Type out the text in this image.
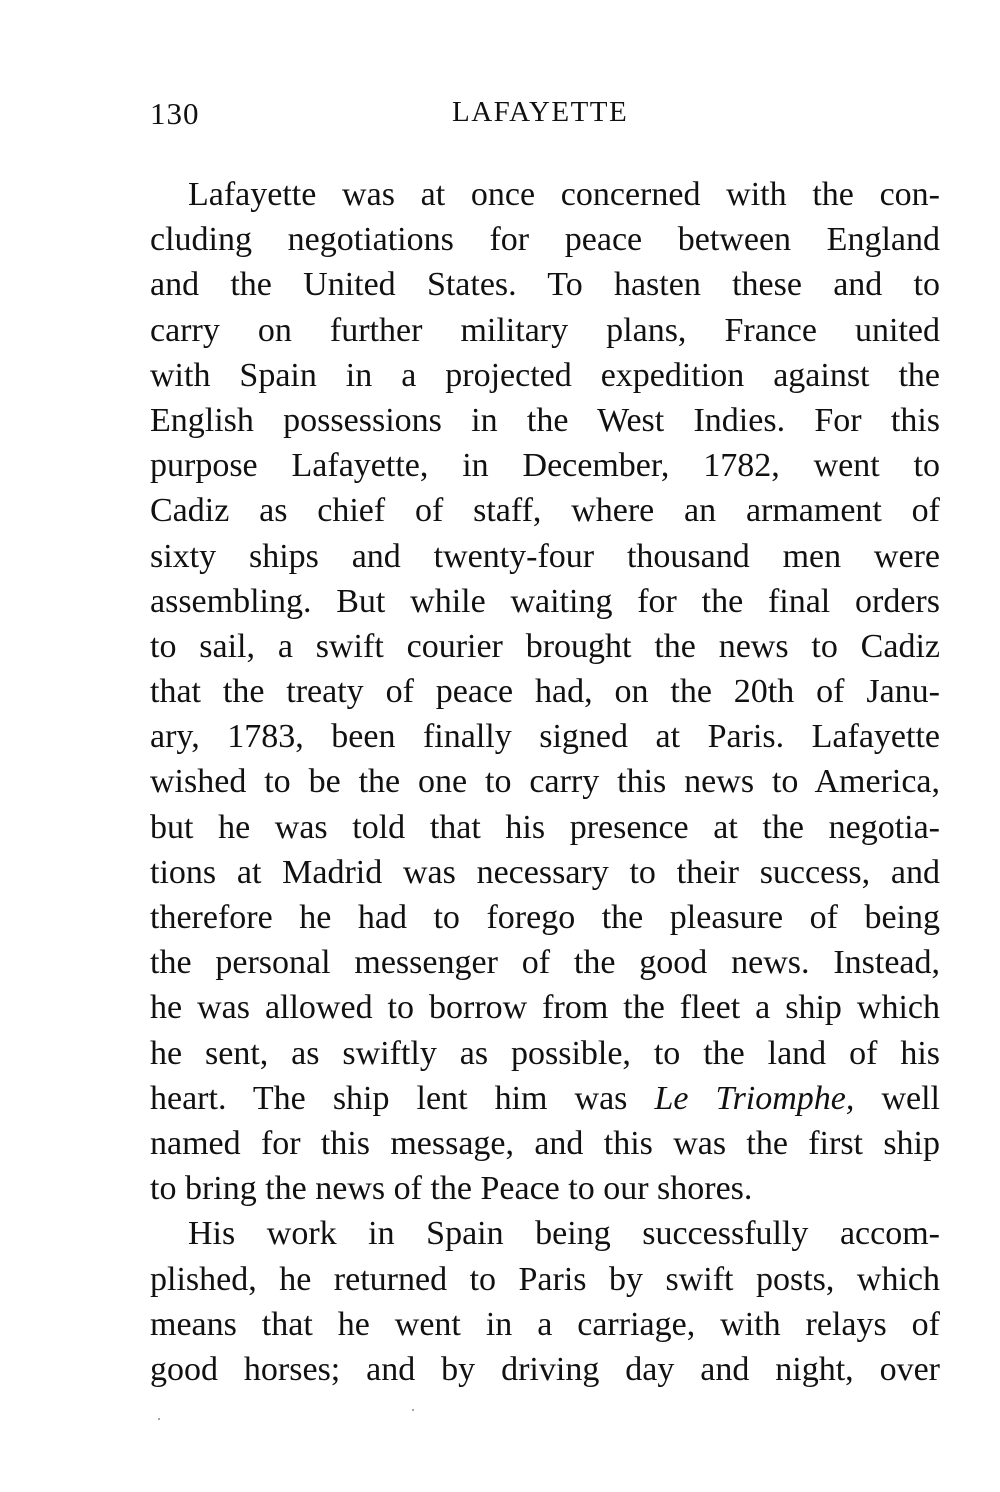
130	LAFAYETTE
Lafayette was at once concerned with the con-
cluding negotiations for peace between England
and the United States. To hasten these and to
carry on further military plans, France united
with Spain in a projected expedition against the
English possessions in the West Indies. For this
purpose Lafayette, in December, 1782, went to
Cadiz as chief of staff, where an armament of
sixty ships and twenty-four thousand men were
assembling. But while waiting for the final orders
to sail, a swift courier brought the news to Cadiz
that the treaty of peace had, on the 20th of Janu-
ary, 1783, been finally signed at Paris. Lafayette
wished to be the one to carry this news to America,
but he was told that his presence at the negotia-
tions at Madrid was necessary to their success, and
therefore he had to forego the pleasure of being
the personal messenger of the good news. Instead,
he was allowed to borrow from the fleet a ship which
he sent, as swiftly as possible, to the land of his
heart. The ship lent him was Le Triomphe, well
named for this message, and this was the first ship
to bring the news of the Peace to our shores.
His work in Spain being successfully accom-
plished, he returned to Paris by swift posts, which
means that he went in a carriage, with relays of
good horses; and by driving day and night, over
